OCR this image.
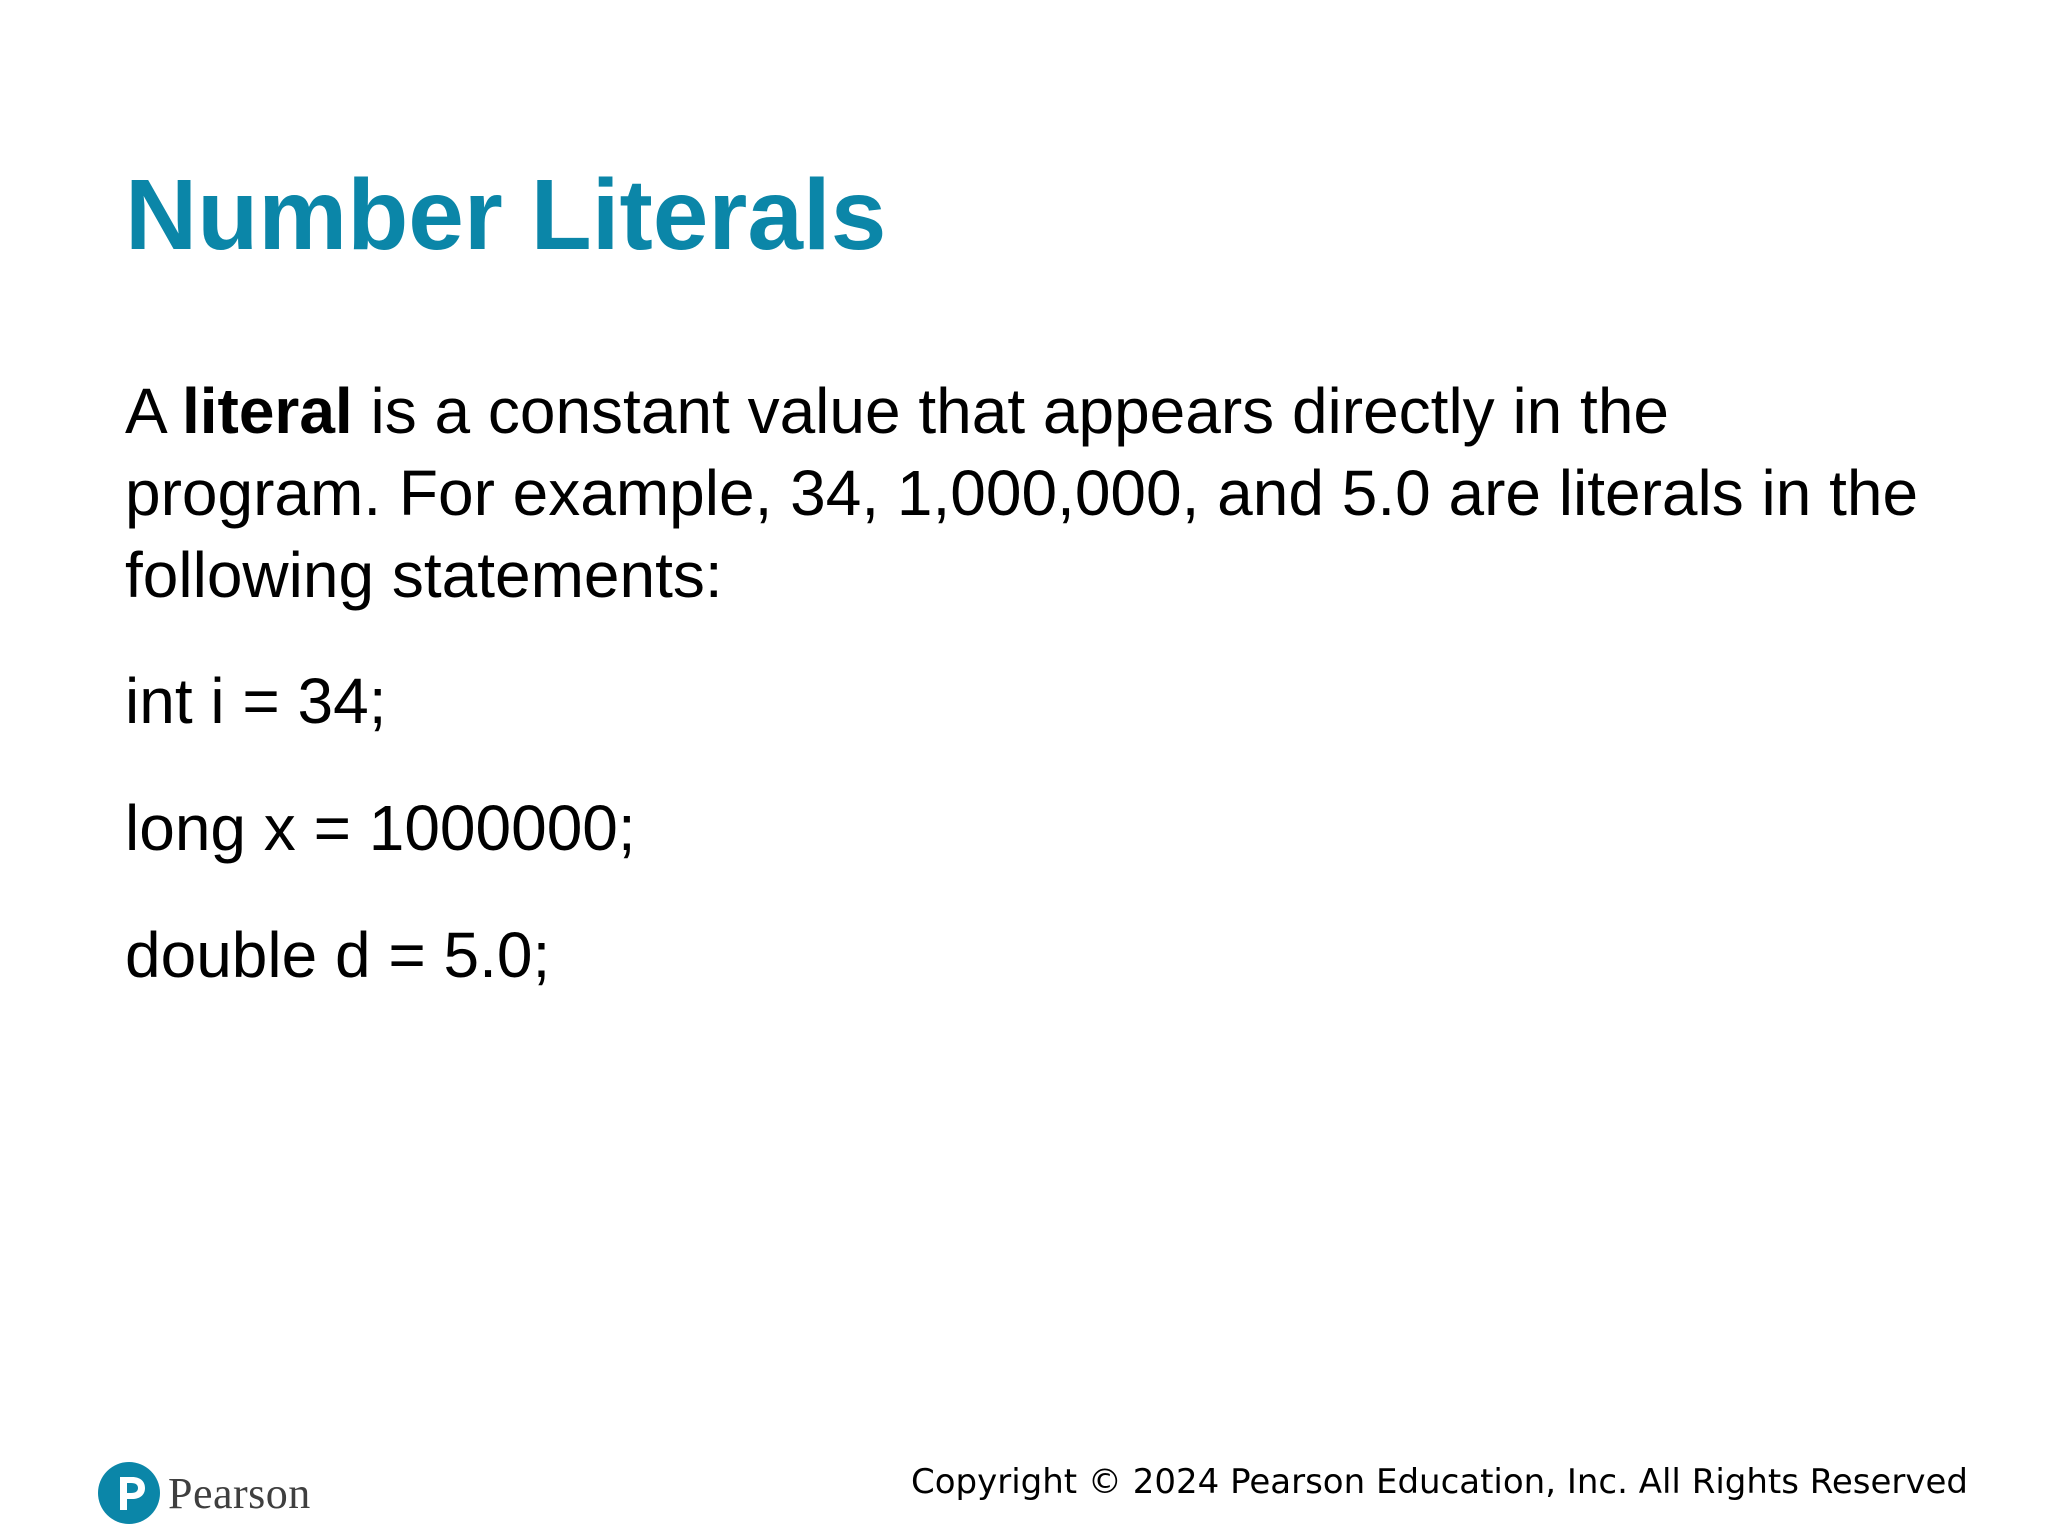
Number Literals

A literal is a constant value that appears directly in the program. For example, 34, 1,000,000, and 5.0 are literals in the following statements:

int i = 34;

long x = 1000000;

double d = 5.0;

Pearson	Copyright © 2024 Pearson Education, Inc. All Rights Reserved
